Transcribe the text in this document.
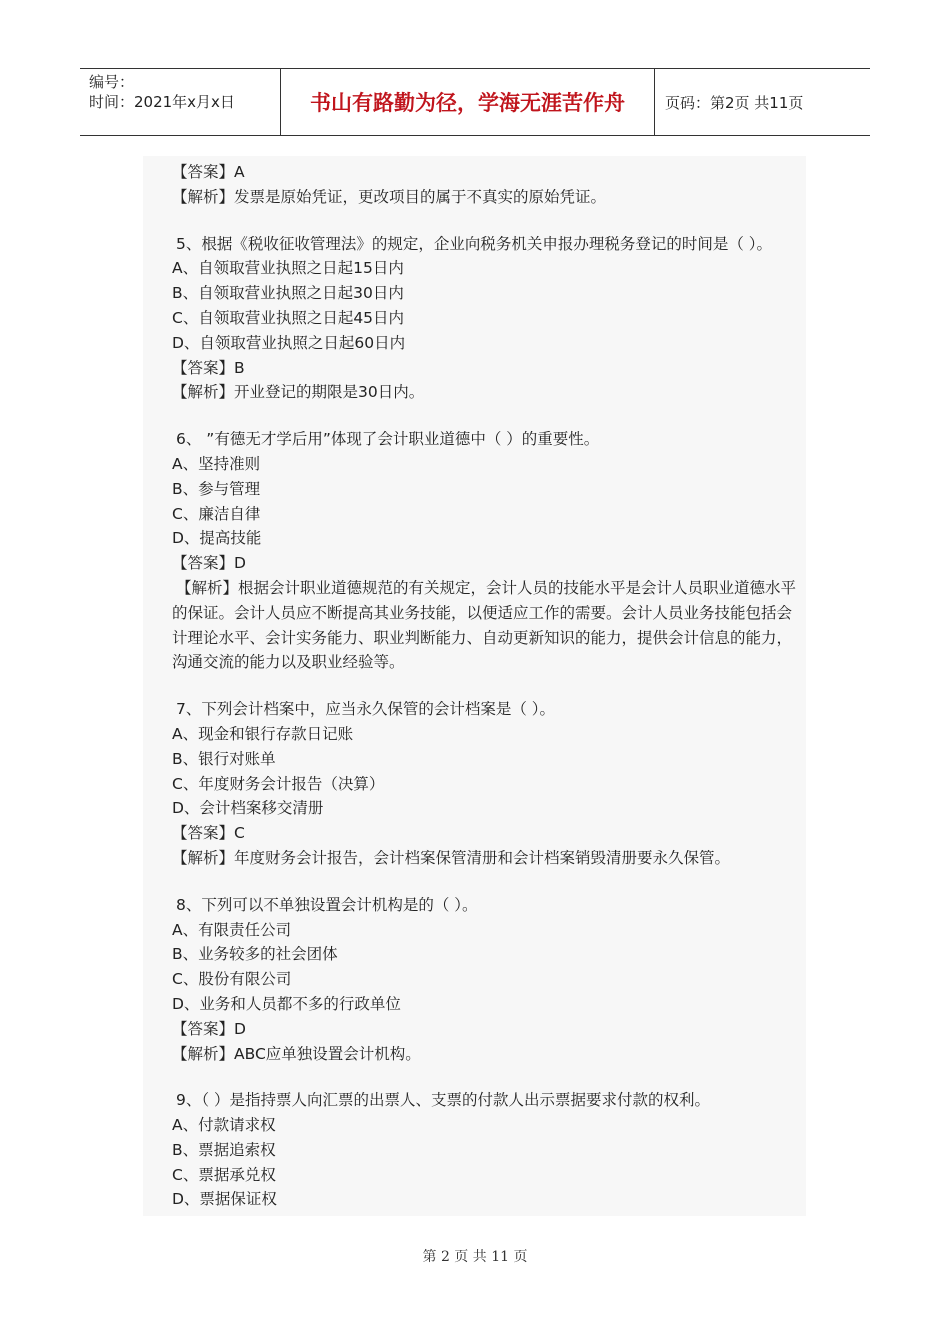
编号：
时间：2021年x月x日	书山有路勤为径，学海无涯苦作舟	页码：第2页 共11页
【答案】A
【解析】发票是原始凭证，更改项目的属于不真实的原始凭证。
5、根据《税收征收管理法》的规定，企业向税务机关申报办理税务登记的时间是（ ）。
A、自领取营业执照之日起15日内
B、自领取营业执照之日起30日内
C、自领取营业执照之日起45日内
D、自领取营业执照之日起60日内
【答案】B
【解析】开业登记的期限是30日内。
6、 ”有德无才学后用”体现了会计职业道德中（ ）的重要性。
A、坚持准则
B、参与管理
C、廉洁自律
D、提高技能
【答案】D
【解析】根据会计职业道德规范的有关规定，会计人员的技能水平是会计人员职业道德水平的保证。会计人员应不断提高其业务技能，以便适应工作的需要。会计人员业务技能包括会计理论水平、会计实务能力、职业判断能力、自动更新知识的能力，提供会计信息的能力，沟通交流的能力以及职业经验等。
7、下列会计档案中，应当永久保管的会计档案是（ ）。
A、现金和银行存款日记账
B、银行对账单
C、年度财务会计报告（决算）
D、会计档案移交清册
【答案】C
【解析】年度财务会计报告，会计档案保管清册和会计档案销毁清册要永久保管。
8、下列可以不单独设置会计机构是的（ ）。
A、有限责任公司
B、业务较多的社会团体
C、股份有限公司
D、业务和人员都不多的行政单位
【答案】D
【解析】ABC应单独设置会计机构。
9、（ ）是指持票人向汇票的出票人、支票的付款人出示票据要求付款的权利。
A、付款请求权
B、票据追索权
C、票据承兑权
D、票据保证权
第 2 页 共 11 页
